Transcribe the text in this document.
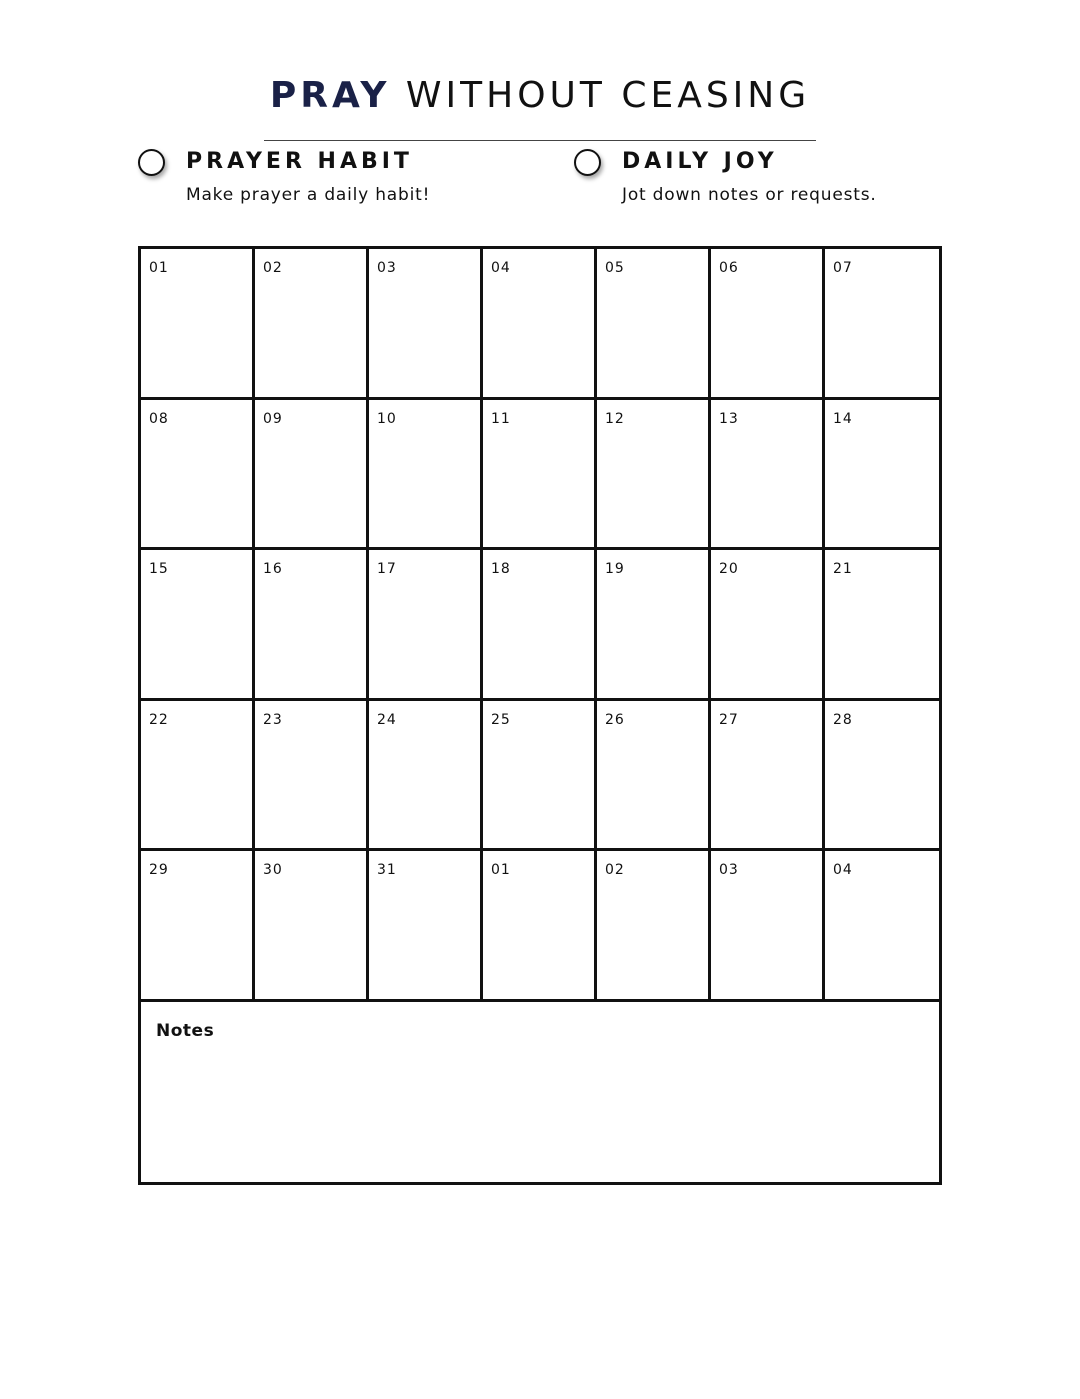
PRAY WITHOUT CEASING
PRAYER HABIT
Make prayer a daily habit!
DAILY JOY
Jot down notes or requests.
01	02	03	04	05	06	07
08	09	10	11	12	13	14
15	16	17	18	19	20	21
22	23	24	25	26	27	28
29	30	31	01	02	03	04
Notes
